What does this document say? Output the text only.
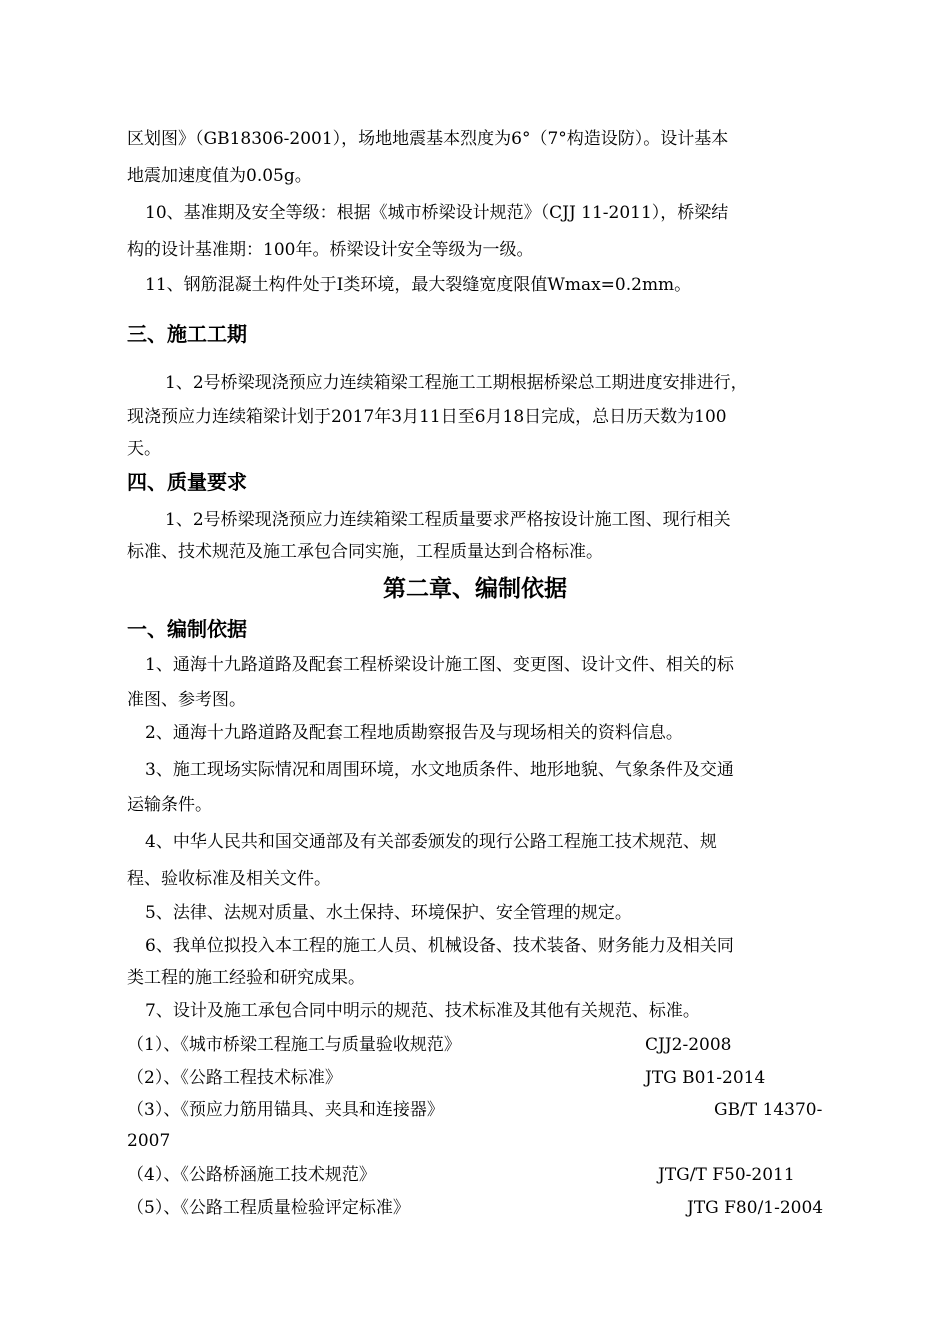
区划图》（GB18306-2001），场地地震基本烈度为6°（7°构造设防）。设计基本
地震加速度值为0.05g。
10、基准期及安全等级：根据《城市桥梁设计规范》（CJJ 11-2011），桥梁结
构的设计基准期：100年。桥梁设计安全等级为一级。
11、钢筋混凝土构件处于Ⅰ类环境，最大裂缝宽度限值Wmax=0.2mm。
三、施工工期
1、2号桥梁现浇预应力连续箱梁工程施工工期根据桥梁总工期进度安排进行，
现浇预应力连续箱梁计划于2017年3月11日至6月18日完成，总日历天数为100
天。
四、质量要求
1、2号桥梁现浇预应力连续箱梁工程质量要求严格按设计施工图、现行相关
标准、技术规范及施工承包合同实施，工程质量达到合格标准。
第二章、编制依据
一、编制依据
1、通海十九路道路及配套工程桥梁设计施工图、变更图、设计文件、相关的标
准图、参考图。
2、通海十九路道路及配套工程地质勘察报告及与现场相关的资料信息。
3、施工现场实际情况和周围环境，水文地质条件、地形地貌、气象条件及交通
运输条件。
4、中华人民共和国交通部及有关部委颁发的现行公路工程施工技术规范、规
程、验收标准及相关文件。
5、法律、法规对质量、水土保持、环境保护、安全管理的规定。
6、我单位拟投入本工程的施工人员、机械设备、技术装备、财务能力及相关同
类工程的施工经验和研究成果。
7、设计及施工承包合同中明示的规范、技术标准及其他有关规范、标准。
（1）、《城市桥梁工程施工与质量验收规范》	CJJ2-2008
（2）、《公路工程技术标准》	JTG B01-2014
（3）、《预应力筋用锚具、夹具和连接器》	GB/T 14370-
2007
（4）、《公路桥涵施工技术规范》	JTG/T F50-2011
（5）、《公路工程质量检验评定标准》	JTG F80/1-2004
